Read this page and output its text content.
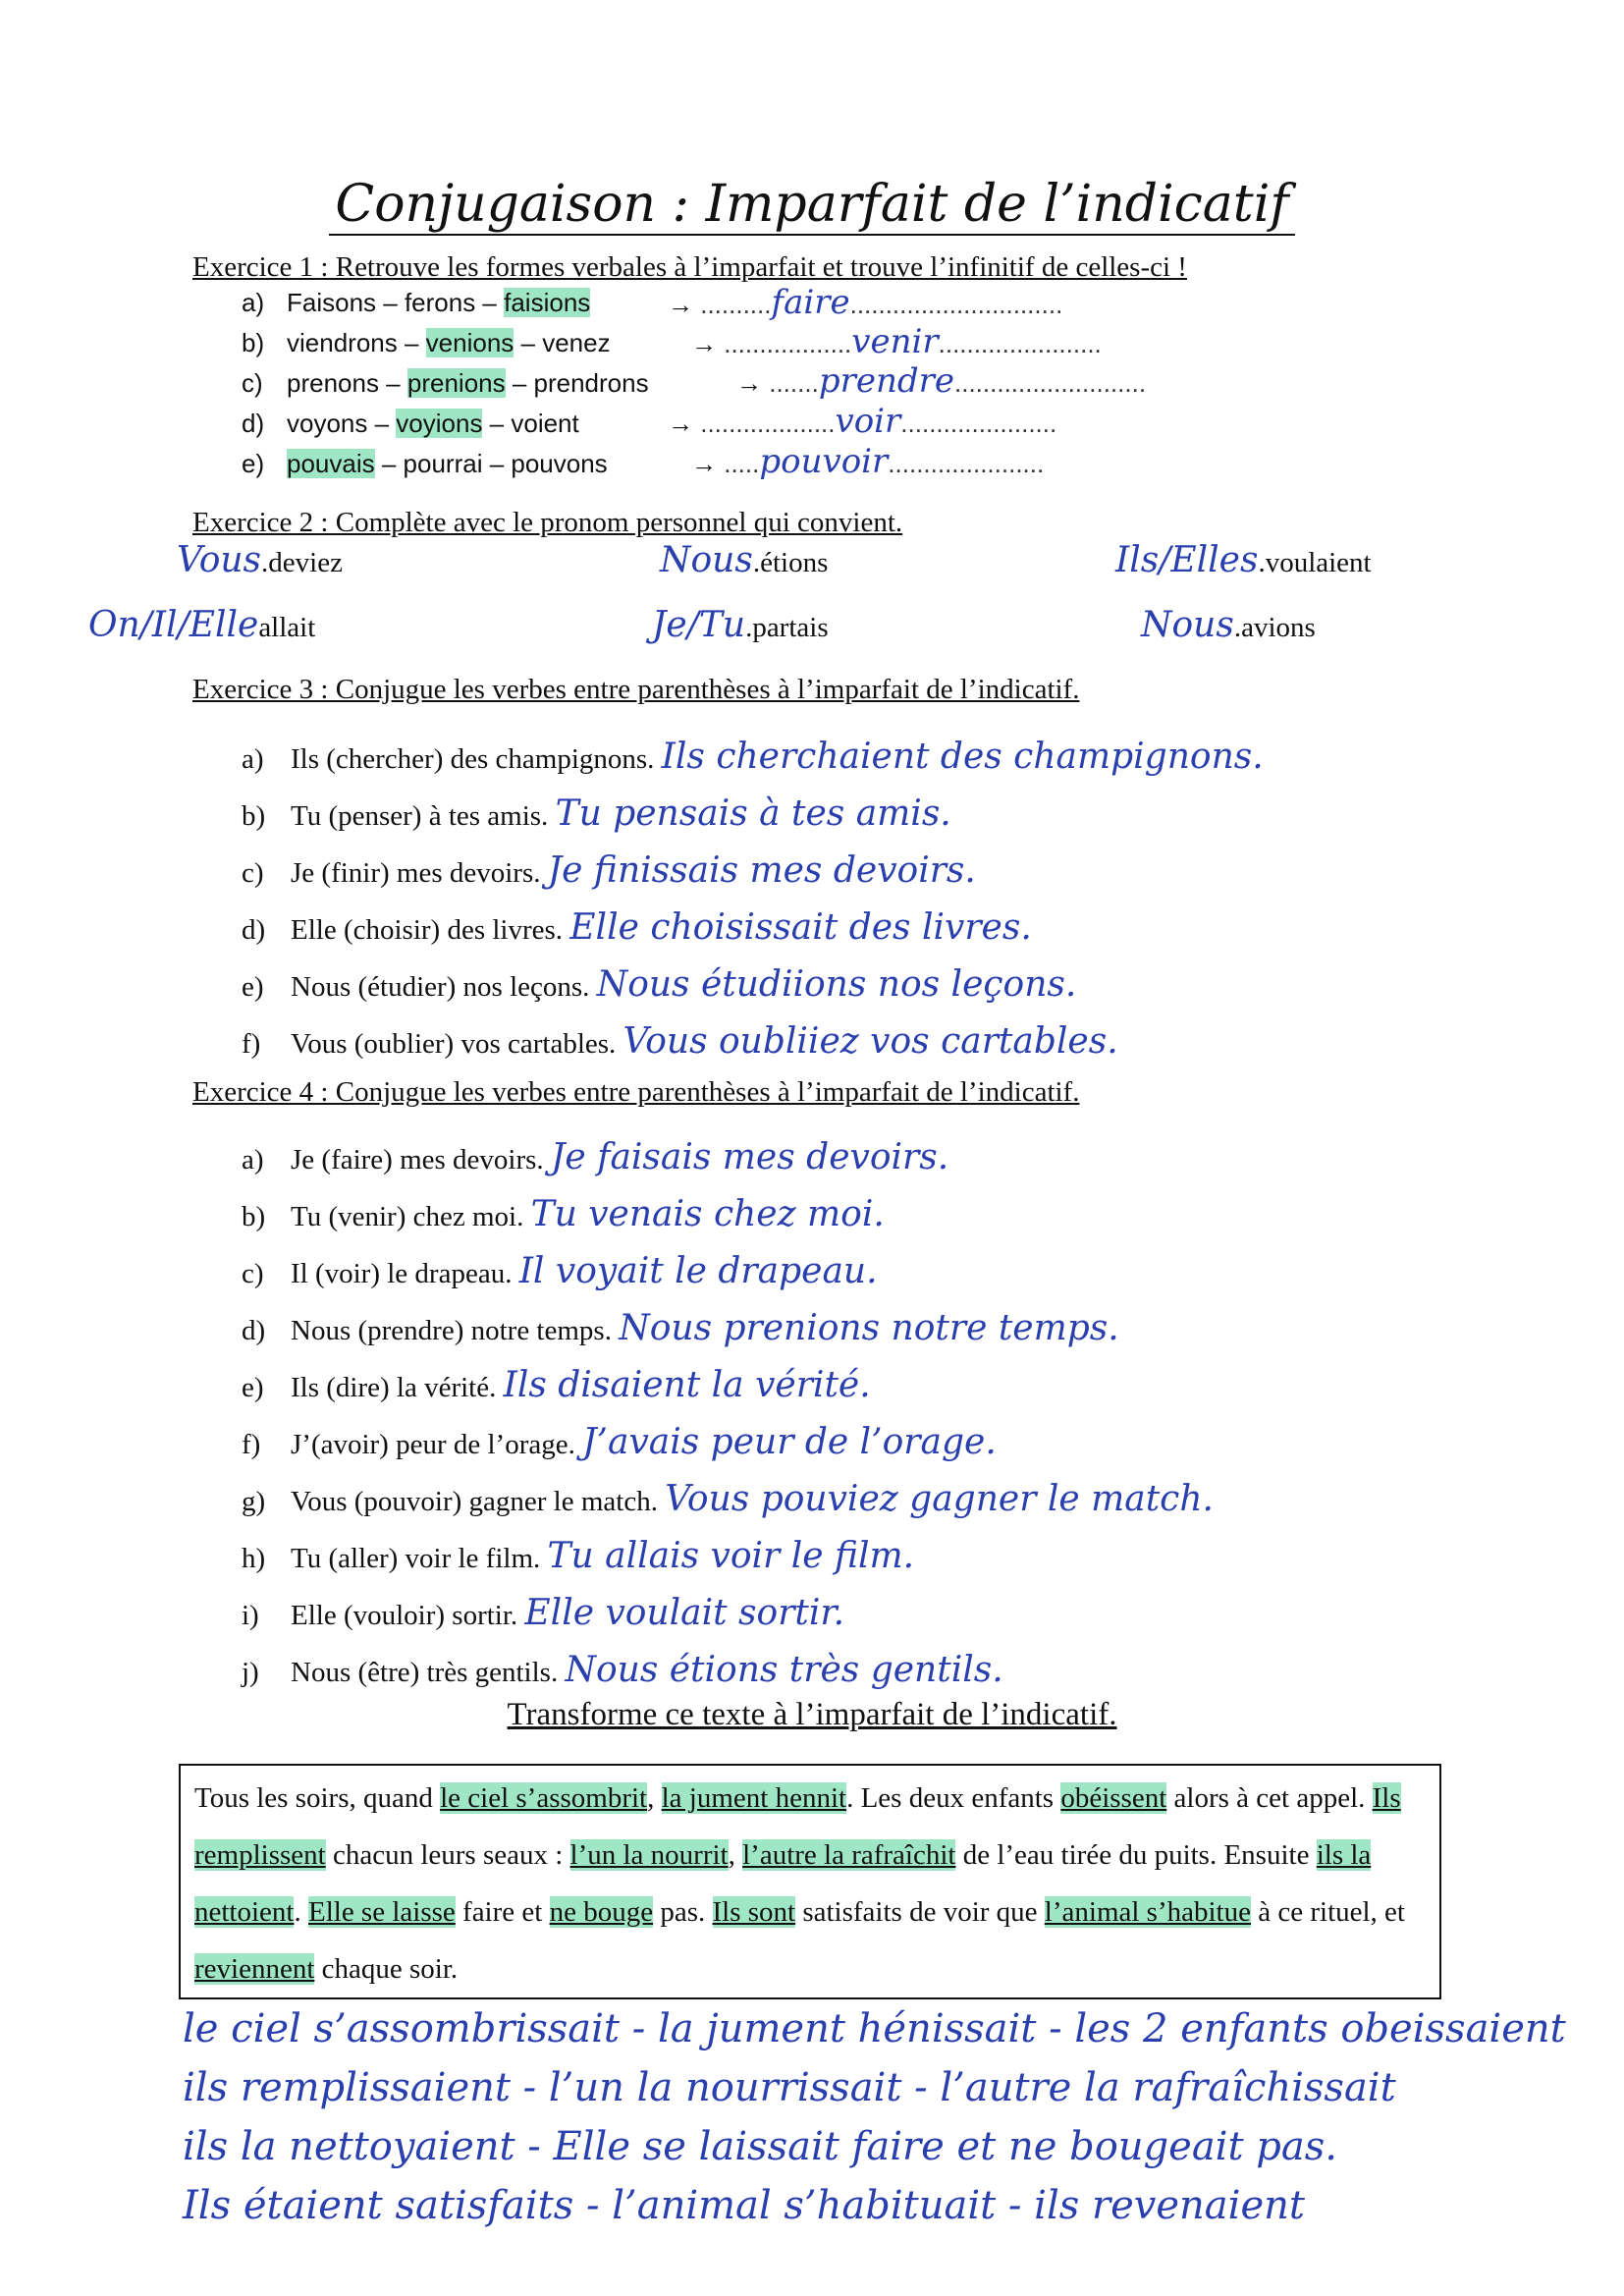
Conjugaison : Imparfait de l’indicatif
Exercice 1 : Retrouve les formes verbales à l’imparfait et trouve l’infinitif de celles-ci !
a) Faisons – ferons – faisions	→ ..........faire..............................
b) viendrons – venions – venez	→ ..................venir.......................
c) prenons – prenions – prendrons	→ .......prendre...........................
d) voyons – voyions – voient	→ ...................voir......................
e) pouvais – pourrai – pouvons	→ .....pouvoir......................
Exercice 2 : Complète avec le pronom personnel qui convient.
Vous.deviez	Nous.étions	Ils/Elles.voulaient
On/Il/Elleallait	Je/Tu.partais	Nous.avions
Exercice 3 : Conjugue les verbes entre parenthèses à l’imparfait de l’indicatif.
a) Ils (chercher) des champignons. Ils cherchaient des champignons.
b) Tu (penser) à tes amis. Tu pensais à tes amis.
c) Je (finir) mes devoirs. Je finissais mes devoirs.
d) Elle (choisir) des livres. Elle choisissait des livres.
e) Nous (étudier) nos leçons. Nous étudiions nos leçons.
f) Vous (oublier) vos cartables. Vous oubliiez vos cartables.
Exercice 4 : Conjugue les verbes entre parenthèses à l’imparfait de l’indicatif.
a) Je (faire) mes devoirs. Je faisais mes devoirs.
b) Tu (venir) chez moi. Tu venais chez moi.
c) Il (voir) le drapeau. Il voyait le drapeau.
d) Nous (prendre) notre temps. Nous prenions notre temps.
e) Ils (dire) la vérité. Ils disaient la vérité.
f) J’(avoir) peur de l’orage. J’avais peur de l’orage.
g) Vous (pouvoir) gagner le match. Vous pouviez gagner le match.
h) Tu (aller) voir le film. Tu allais voir le film.
i) Elle (vouloir) sortir. Elle voulait sortir.
j) Nous (être) très gentils. Nous étions très gentils.
Transforme ce texte à l’imparfait de l’indicatif.
Tous les soirs, quand le ciel s’assombrit, la jument hennit. Les deux enfants obéissent alors à cet appel. Ils remplissent chacun leurs seaux : l’un la nourrit, l’autre la rafraîchit de l’eau tirée du puits. Ensuite ils la nettoient. Elle se laisse faire et ne bouge pas. Ils sont satisfaits de voir que l’animal s’habitue à ce rituel, et reviennent chaque soir.
le ciel s’assombrissait - la jument hénissait - les 2 enfants obeissaient
ils remplissaient - l’un la nourrissait - l’autre la rafraîchissait
ils la nettoyaient - Elle se laissait faire et ne bougeait pas.
Ils étaient satisfaits - l’animal s’habituait - ils revenaient
